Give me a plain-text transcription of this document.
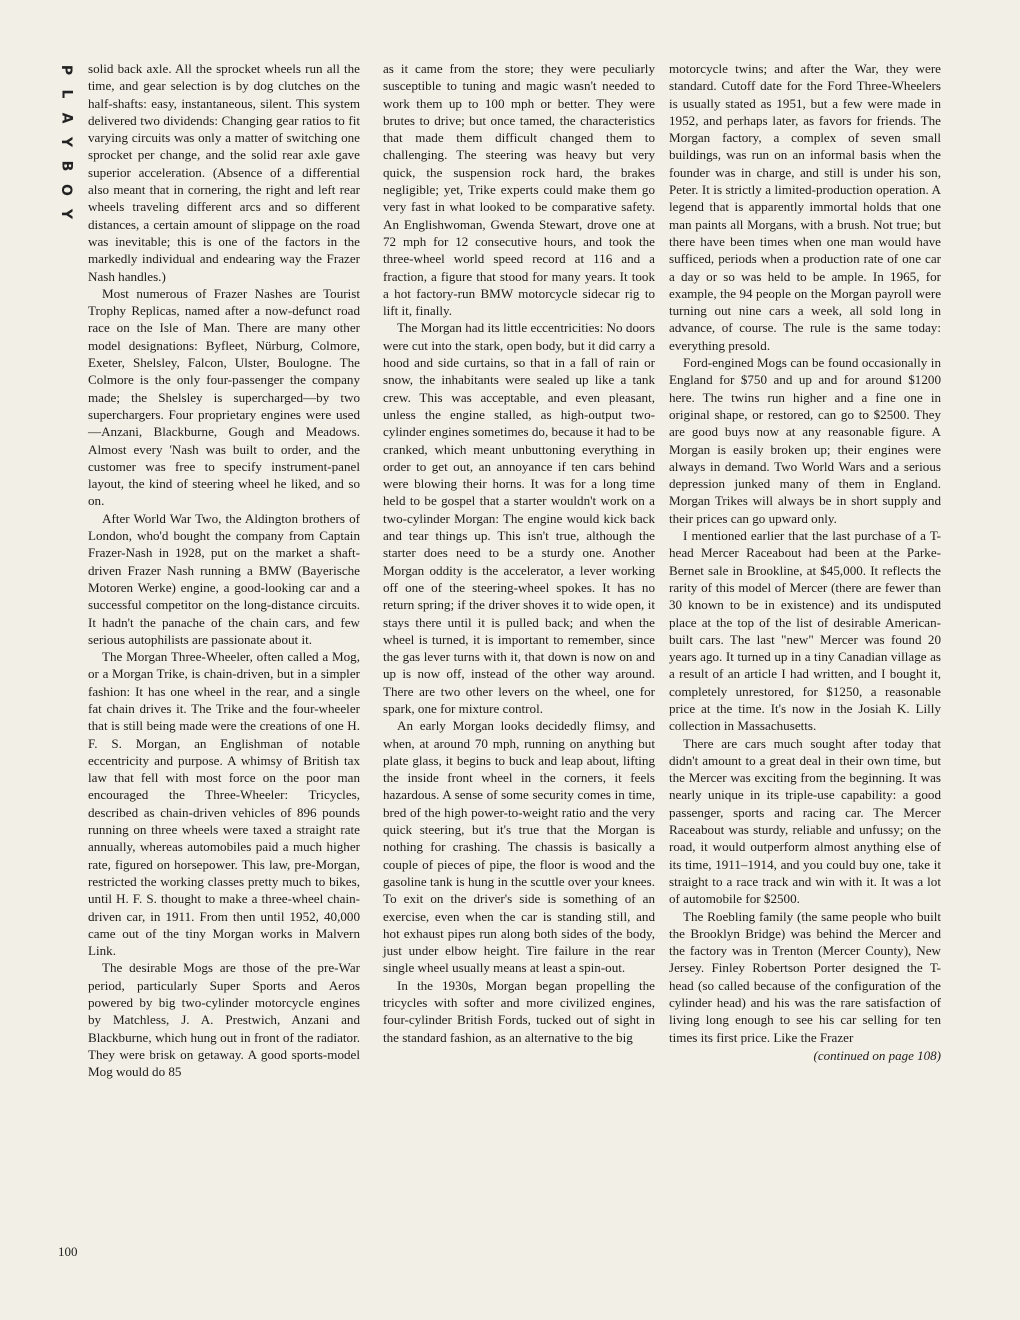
P
L
A
Y
B
O
Y
100

solid back axle. All the sprocket wheels run all the time, and gear selection is by dog clutches on the half-shafts: easy, instantaneous, silent. This system delivered two dividends: Changing gear ratios to fit varying circuits was only a matter of switching one sprocket per change, and the solid rear axle gave superior acceleration. (Absence of a differential also meant that in cornering, the right and left rear wheels traveling different arcs and so different distances, a certain amount of slippage on the road was inevitable; this is one of the factors in the markedly individual and endearing way the Frazer Nash handles.)

Most numerous of Frazer Nashes are Tourist Trophy Replicas, named after a now-defunct road race on the Isle of Man. There are many other model designations: Byfleet, Nürburg, Colmore, Exeter, Shelsley, Falcon, Ulster, Boulogne. The Colmore is the only four-passenger the company made; the Shelsley is supercharged—by two superchargers. Four proprietary engines were used—Anzani, Blackburne, Gough and Meadows. Almost every 'Nash was built to order, and the customer was free to specify instrument-panel layout, the kind of steering wheel he liked, and so on.

After World War Two, the Aldington brothers of London, who'd bought the company from Captain Frazer-Nash in 1928, put on the market a shaft-driven Frazer Nash running a BMW (Bayerische Motoren Werke) engine, a good-looking car and a successful competitor on the long-distance circuits. It hadn't the panache of the chain cars, and few serious autophilists are passionate about it.

The Morgan Three-Wheeler, often called a Mog, or a Morgan Trike, is chain-driven, but in a simpler fashion: It has one wheel in the rear, and a single fat chain drives it. The Trike and the four-wheeler that is still being made were the creations of one H. F. S. Morgan, an Englishman of notable eccentricity and purpose. A whimsy of British tax law that fell with most force on the poor man encouraged the Three-Wheeler: Tricycles, described as chain-driven vehicles of 896 pounds running on three wheels were taxed a straight rate annually, whereas automobiles paid a much higher rate, figured on horsepower. This law, pre-Morgan, restricted the working classes pretty much to bikes, until H. F. S. thought to make a three-wheel chain-driven car, in 1911. From then until 1952, 40,000 came out of the tiny Morgan works in Malvern Link.

The desirable Mogs are those of the pre-War period, particularly Super Sports and Aeros powered by big two-cylinder motorcycle engines by Matchless, J. A. Prestwich, Anzani and Blackburne, which hung out in front of the radiator. They were brisk on getaway. A good sports-model Mog would do 85

as it came from the store; they were peculiarly susceptible to tuning and magic wasn't needed to work them up to 100 mph or better. They were brutes to drive; but once tamed, the characteristics that made them difficult changed them to challenging. The steering was heavy but very quick, the suspension rock hard, the brakes negligible; yet, Trike experts could make them go very fast in what looked to be comparative safety. An Englishwoman, Gwenda Stewart, drove one at 72 mph for 12 consecutive hours, and took the three-wheel world speed record at 116 and a fraction, a figure that stood for many years. It took a hot factory-run BMW motorcycle sidecar rig to lift it, finally.

The Morgan had its little eccentricities: No doors were cut into the stark, open body, but it did carry a hood and side curtains, so that in a fall of rain or snow, the inhabitants were sealed up like a tank crew. This was acceptable, and even pleasant, unless the engine stalled, as high-output two-cylinder engines sometimes do, because it had to be cranked, which meant unbuttoning everything in order to get out, an annoyance if ten cars behind were blowing their horns. It was for a long time held to be gospel that a starter wouldn't work on a two-cylinder Morgan: The engine would kick back and tear things up. This isn't true, although the starter does need to be a sturdy one. Another Morgan oddity is the accelerator, a lever working off one of the steering-wheel spokes. It has no return spring; if the driver shoves it to wide open, it stays there until it is pulled back; and when the wheel is turned, it is important to remember, since the gas lever turns with it, that down is now on and up is now off, instead of the other way around. There are two other levers on the wheel, one for spark, one for mixture control.

An early Morgan looks decidedly flimsy, and when, at around 70 mph, running on anything but plate glass, it begins to buck and leap about, lifting the inside front wheel in the corners, it feels hazardous. A sense of some security comes in time, bred of the high power-to-weight ratio and the very quick steering, but it's true that the Morgan is nothing for crashing. The chassis is basically a couple of pieces of pipe, the floor is wood and the gasoline tank is hung in the scuttle over your knees. To exit on the driver's side is something of an exercise, even when the car is standing still, and hot exhaust pipes run along both sides of the body, just under elbow height. Tire failure in the rear single wheel usually means at least a spin-out.

In the 1930s, Morgan began propelling the tricycles with softer and more civilized engines, four-cylinder British Fords, tucked out of sight in the standard fashion, as an alternative to the big

motorcycle twins; and after the War, they were standard. Cutoff date for the Ford Three-Wheelers is usually stated as 1951, but a few were made in 1952, and perhaps later, as favors for friends. The Morgan factory, a complex of seven small buildings, was run on an informal basis when the founder was in charge, and still is under his son, Peter. It is strictly a limited-production operation. A legend that is apparently immortal holds that one man paints all Morgans, with a brush. Not true; but there have been times when one man would have sufficed, periods when a production rate of one car a day or so was held to be ample. In 1965, for example, the 94 people on the Morgan payroll were turning out nine cars a week, all sold long in advance, of course. The rule is the same today: everything presold.

Ford-engined Mogs can be found occasionally in England for $750 and up and for around $1200 here. The twins run higher and a fine one in original shape, or restored, can go to $2500. They are good buys now at any reasonable figure. A Morgan is easily broken up; their engines were always in demand. Two World Wars and a serious depression junked many of them in England. Morgan Trikes will always be in short supply and their prices can go upward only.

I mentioned earlier that the last purchase of a T-head Mercer Raceabout had been at the Parke-Bernet sale in Brookline, at $45,000. It reflects the rarity of this model of Mercer (there are fewer than 30 known to be in existence) and its undisputed place at the top of the list of desirable American-built cars. The last "new" Mercer was found 20 years ago. It turned up in a tiny Canadian village as a result of an article I had written, and I bought it, completely unrestored, for $1250, a reasonable price at the time. It's now in the Josiah K. Lilly collection in Massachusetts.

There are cars much sought after today that didn't amount to a great deal in their own time, but the Mercer was exciting from the beginning. It was nearly unique in its triple-use capability: a good passenger, sports and racing car. The Mercer Raceabout was sturdy, reliable and unfussy; on the road, it would outperform almost anything else of its time, 1911–1914, and you could buy one, take it straight to a race track and win with it. It was a lot of automobile for $2500.

The Roebling family (the same people who built the Brooklyn Bridge) was behind the Mercer and the factory was in Trenton (Mercer County), New Jersey. Finley Robertson Porter designed the T-head (so called because of the configuration of the cylinder head) and his was the rare satisfaction of living long enough to see his car selling for ten times its first price. Like the Frazer

(continued on page 108)
